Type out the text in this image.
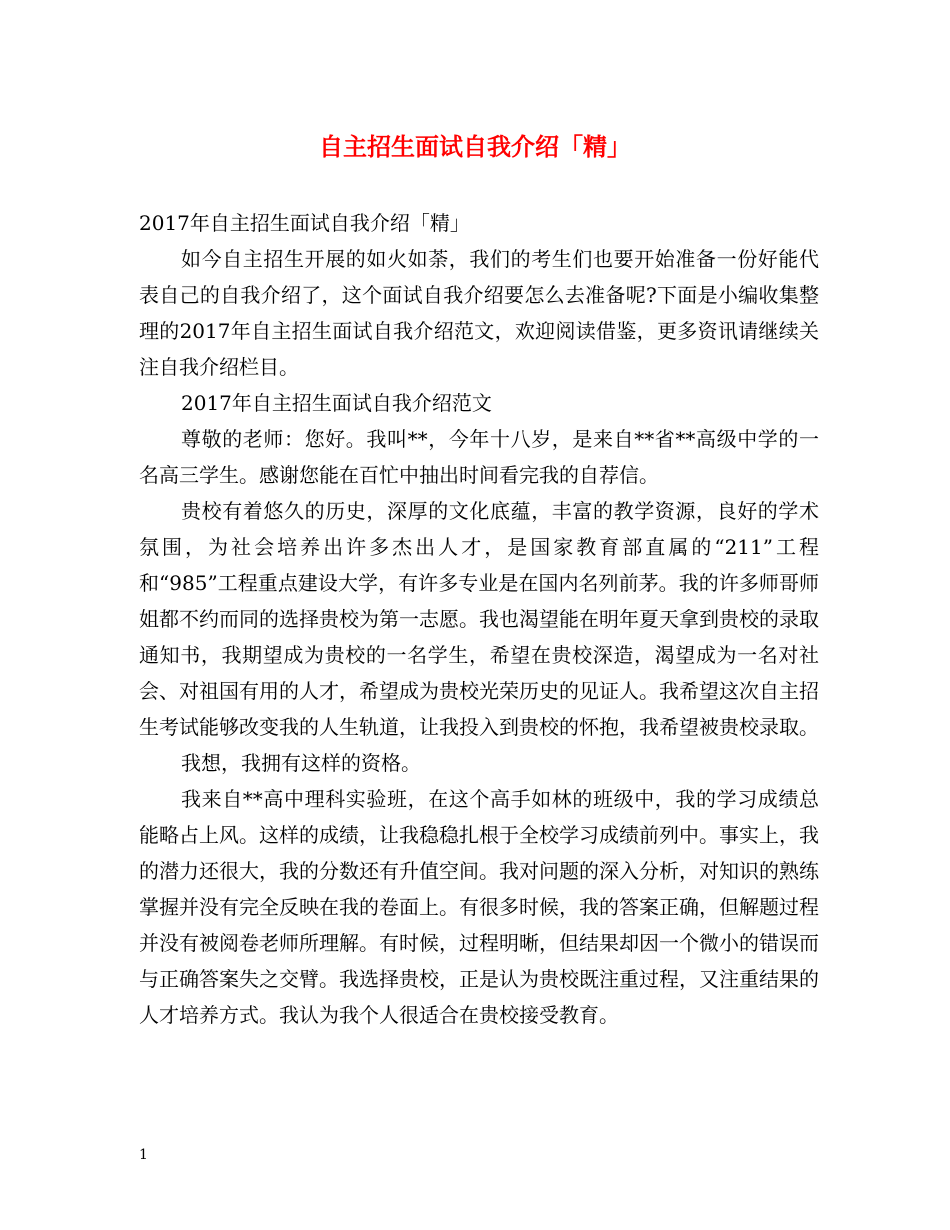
自主招生面试自我介绍「精」

2017年自主招生面试自我介绍「精」

如今自主招生开展的如火如荼，我们的考生们也要开始准备一份好能代表自己的自我介绍了，这个面试自我介绍要怎么去准备呢?下面是小编收集整理的2017年自主招生面试自我介绍范文，欢迎阅读借鉴，更多资讯请继续关注自我介绍栏目。

2017年自主招生面试自我介绍范文

尊敬的老师：您好。我叫**，今年十八岁，是来自**省**高级中学的一名高三学生。感谢您能在百忙中抽出时间看完我的自荐信。

贵校有着悠久的历史，深厚的文化底蕴，丰富的教学资源，良好的学术氛围，为社会培养出许多杰出人才，是国家教育部直属的“211”工程和“985”工程重点建设大学，有许多专业是在国内名列前茅。我的许多师哥师姐都不约而同的选择贵校为第一志愿。我也渴望能在明年夏天拿到贵校的录取通知书，我期望成为贵校的一名学生，希望在贵校深造，渴望成为一名对社会、对祖国有用的人才，希望成为贵校光荣历史的见证人。我希望这次自主招生考试能够改变我的人生轨道，让我投入到贵校的怀抱，我希望被贵校录取。

我想，我拥有这样的资格。

我来自**高中理科实验班，在这个高手如林的班级中，我的学习成绩总能略占上风。这样的成绩，让我稳稳扎根于全校学习成绩前列中。事实上，我的潜力还很大，我的分数还有升值空间。我对问题的深入分析，对知识的熟练掌握并没有完全反映在我的卷面上。有很多时候，我的答案正确，但解题过程并没有被阅卷老师所理解。有时候，过程明晰，但结果却因一个微小的错误而与正确答案失之交臂。我选择贵校，正是认为贵校既注重过程，又注重结果的人才培养方式。我认为我个人很适合在贵校接受教育。

1
